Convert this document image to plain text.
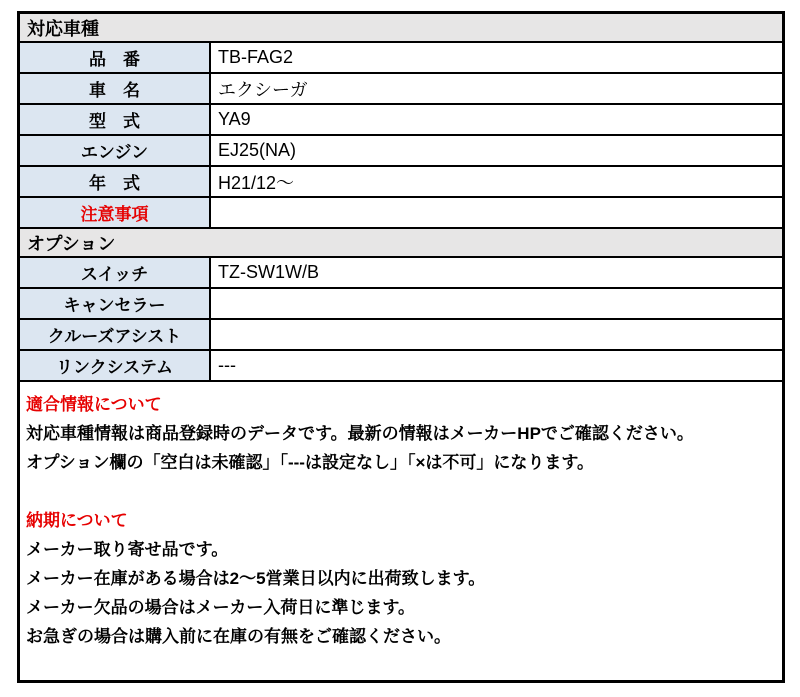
対応車種
品　番	TB-FAG2
車　名	エクシーガ
型　式	YA9
エンジン	EJ25(NA)
年　式	H21/12～
注意事項
オプション
スイッチ	TZ-SW1W/B
キャンセラー
クルーズアシスト
リンクシステム	---
適合情報について
対応車種情報は商品登録時のデータです。最新の情報はメーカーHPでご確認ください。
オプション欄の「空白は未確認」「---は設定なし」「×は不可」になります。
納期について
メーカー取り寄せ品です。
メーカー在庫がある場合は2～5営業日以内に出荷致します。
メーカー欠品の場合はメーカー入荷日に準じます。
お急ぎの場合は購入前に在庫の有無をご確認ください。
